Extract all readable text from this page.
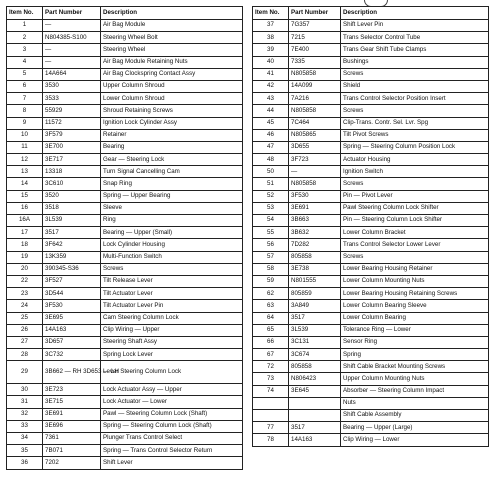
Item No.	Part Number	Description
1	—	Air Bag Module
2	N804385-S100	Steering Wheel Bolt
3	—	Steering Wheel
4	—	Air Bag Module Retaining Nuts
5	14A664	Air Bag Clockspring Contact Assy
6	3530	Upper Column Shroud
7	3533	Lower Column Shroud
8	55929	Shroud Retaining Screws
9	11572	Ignition Lock Cylinder Assy
10	3F579	Retainer
11	3E700	Bearing
12	3E717	Gear — Steering Lock
13	13318	Turn Signal Cancelling Cam
14	3C610	Snap Ring
15	3520	Spring — Upper Bearing
16	3518	Sleeve
16A	3L539	Ring
17	3517	Bearing — Upper (Small)
18	3F642	Lock Cylinder Housing
19	13K359	Multi-Function Switch
20	390345-S36	Screws
22	3F527	Tilt Release Lever
23	3D544	Tilt Actuator Lever
24	3F530	Tilt Actuator Lever Pin
25	3E695	Cam Steering Column Lock
26	14A163	Clip Wiring — Upper
27	3D657	Steering Shaft Assy
28	3C732	Spring Lock Lever
29	3B662 — RH 3D653 — LH	Lever Steering Column Lock
30	3E723	Lock Actuator Assy — Upper
31	3E715	Lock Actuator — Lower
32	3E691	Pawl — Steering Column Lock (Shaft)
33	3E696	Spring — Steering Column Lock (Shaft)
34	7361	Plunger Trans Control Select
35	7B071	Spring — Trans Control Selector Return
36	7202	Shift Lever
Item No.	Part Number	Description
37	7G357	Shift Lever Pin
38	7215	Trans Selector Control Tube
39	7E400	Trans Gear Shift Tube Clamps
40	7335	Bushings
41	N805858	Screws
42	14A099	Shield
43	7A216	Trans Control Selector Position Insert
44	N805858	Screws
45	7C464	Clip-Trans. Contr. Sel. Lvr. Spg
46	N805865	Tilt Pivot Screws
47	3D655	Spring — Steering Column Position Lock
48	3F723	Actuator Housing
50	—	Ignition Switch
51	N805858	Screws
52	3F530	Pin — Pivot Lever
53	3E691	Pawl Steering Column Lock Shifter
54	3B663	Pin — Steering Column Lock Shifter
55	3B632	Lower Column Bracket
56	7D282	Trans Control Selector Lower Lever
57	805858	Screws
58	3E738	Lower Bearing Housing Retainer
59	N801555	Lower Column Mounting Nuts
62	805859	Lower Bearing Housing Retaining Screws
63	3A849	Lower Column Bearing Sleeve
64	3517	Lower Column Bearing
65	3L539	Tolerance Ring — Lower
66	3C131	Sensor Ring
67	3C674	Spring
72	805858	Shift Cable Bracket Mounting Screws
73	N806423	Upper Column Mounting Nuts
74	3E645	Absorber — Steering Column Impact
		Nuts
		Shift Cable Assembly
77	3517	Bearing — Upper (Large)
78	14A163	Clip Wiring — Lower
